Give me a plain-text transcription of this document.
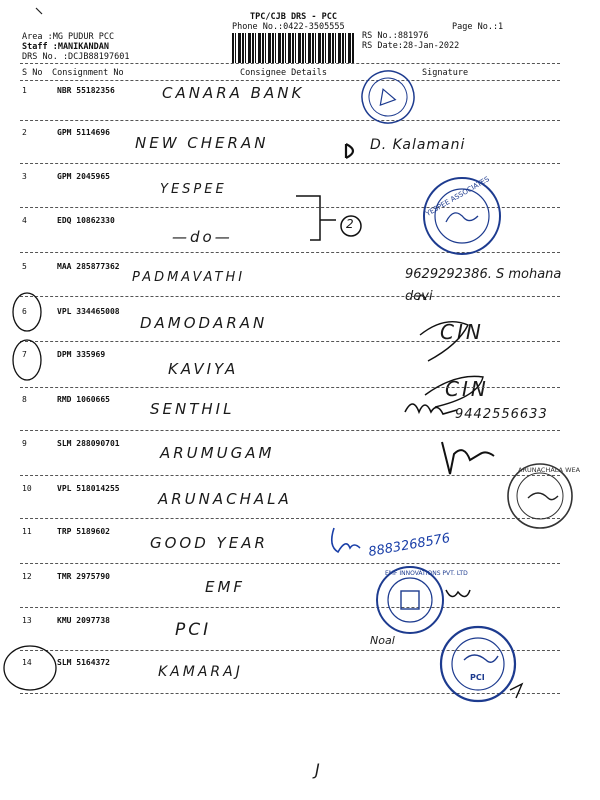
TPC/CJB DRS - PCC
Phone No.:0422-3505555	Page No.:1
Area :MG PUDUR PCC
Staff :MANIKANDAN
DRS No. :DCJB88197601
RS No.:881976
RS Date:28-Jan-2022
S No Consignment No	Consignee Details	Signature
1	NBR 55182356	CANARA BANK
2	GPM 5114696
NEW CHERAN	D. Kalamani
3	GPM 2045965
YESPEE
4	EDQ 10862330
—do—
2
5	MAA 285877362
PADMAVATHI	9629292386. S mohana devi
6	VPL 334465008
DAMODARAN	CIN
7	DPM 335969
KAVIYA
CIN
8	RMD 1060665
SENTHIL	9442556633
9	SLM 288090701
ARUMUGAM
10	VPL 518014255
ARUNACHALA
11	TRP 5189602
GOOD YEAR	8883268576
12	TMR 2975790
EMF
13	KMU 2097738	PCI
Noal
14	SLM 5164372
KAMARAJ
J
YESPEE ASSOCIATES
ARUNACHALA WEA
EMF INNOVATIONS PVT. LTD
PCI
